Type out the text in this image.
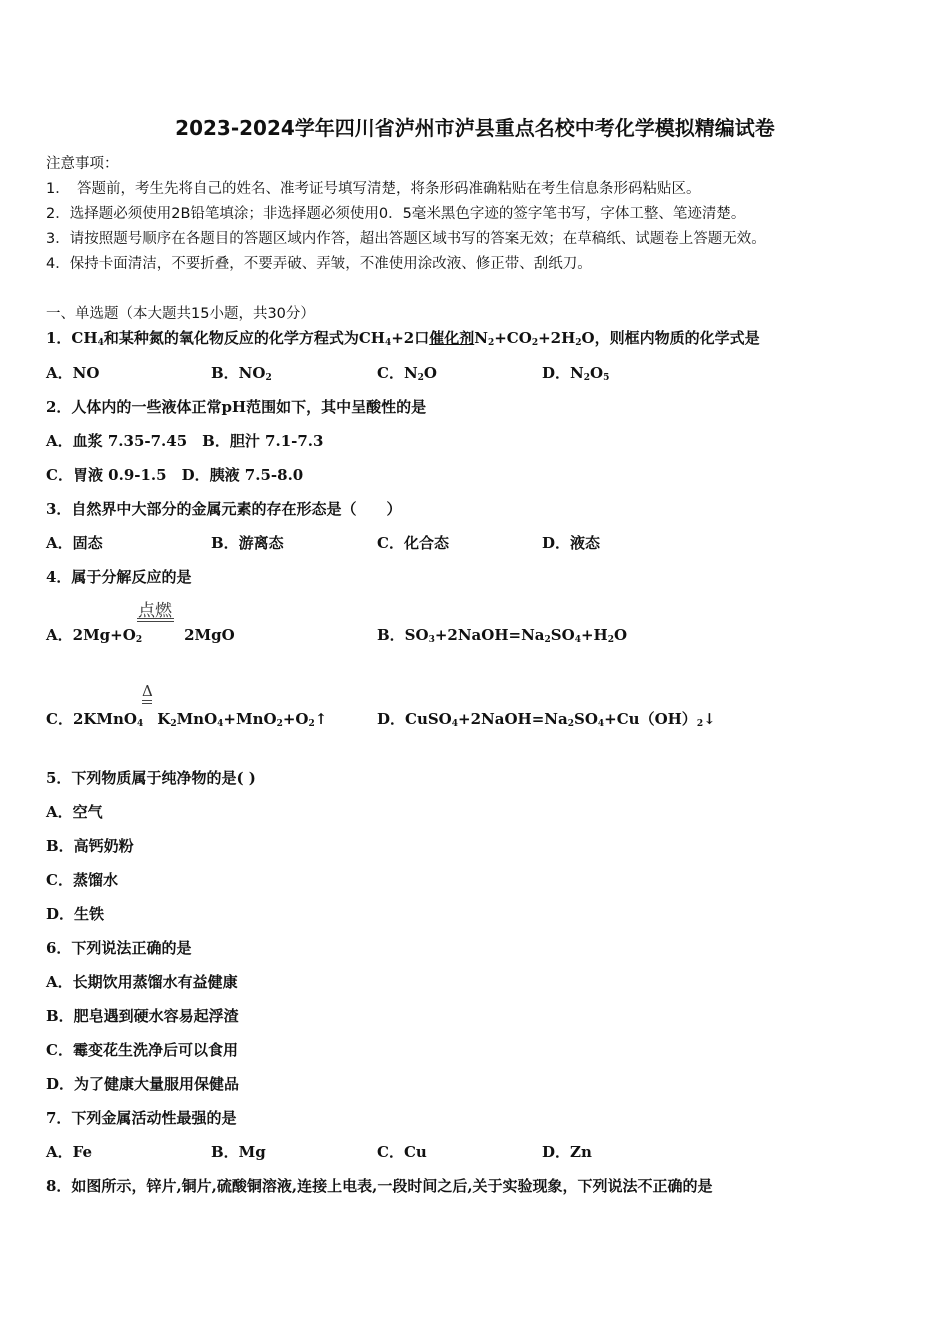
2023-2024学年四川省泸州市泸县重点名校中考化学模拟精编试卷
注意事项：
1．　答题前，考生先将自己的姓名、准考证号填写清楚，将条形码准确粘贴在考生信息条形码粘贴区。
2．选择题必须使用2B铅笔填涂；非选择题必须使用0．5毫米黑色字迹的签字笔书写，字体工整、笔迹清楚。
3．请按照题号顺序在各题目的答题区域内作答，超出答题区域书写的答案无效；在草稿纸、试题卷上答题无效。
4．保持卡面清洁，不要折叠，不要弄破、弄皱，不准使用涂改液、修正带、刮纸刀。
一、单选题（本大题共15小题，共30分）
1．$CH_4$和某种氮的氧化物反应的化学方程式为$CH_4+2$口催化剂$N_2+CO_2+2H_2O$，则框内物质的化学式是
A．NO	B．$NO_2$	C．$N_2O$	D．$N_2O_5$
2．人体内的一些液体正常pH范围如下，其中呈酸性的是
A．血浆 7.35-7.45　B．胆汁 7.1-7.3
C．胃液 0.9-1.5　D．胰液 7.5-8.0
3．自然界中大部分的金属元素的存在形态是（　　）
A．固态	B．游离态	C．化合态	D．液态
4．属于分解反应的是
点燃
A．$2Mg+O_2$	2MgO	B．$SO_3+2NaOH=Na_2SO_4+H_2O$
Δ
C．2KMnO$_4$ $K_2MnO_4+MnO_2+O_2↑$	D．$CuSO_4+2NaOH=Na_2SO_4+Cu(OH)_2↓$
5．下列物质属于纯净物的是( )
A．空气
B．高钙奶粉
C．蒸馏水
D．生铁
6．下列说法正确的是
A．长期饮用蒸馏水有益健康
B．肥皂遇到硬水容易起浮渣
C．霉变花生洗净后可以食用
D．为了健康大量服用保健品
7．下列金属活动性最强的是
A．Fe	B．Mg	C．Cu	D．Zn
8．如图所示，锌片,铜片,硫酸铜溶液,连接上电表,一段时间之后,关于实验现象，下列说法不正确的是
